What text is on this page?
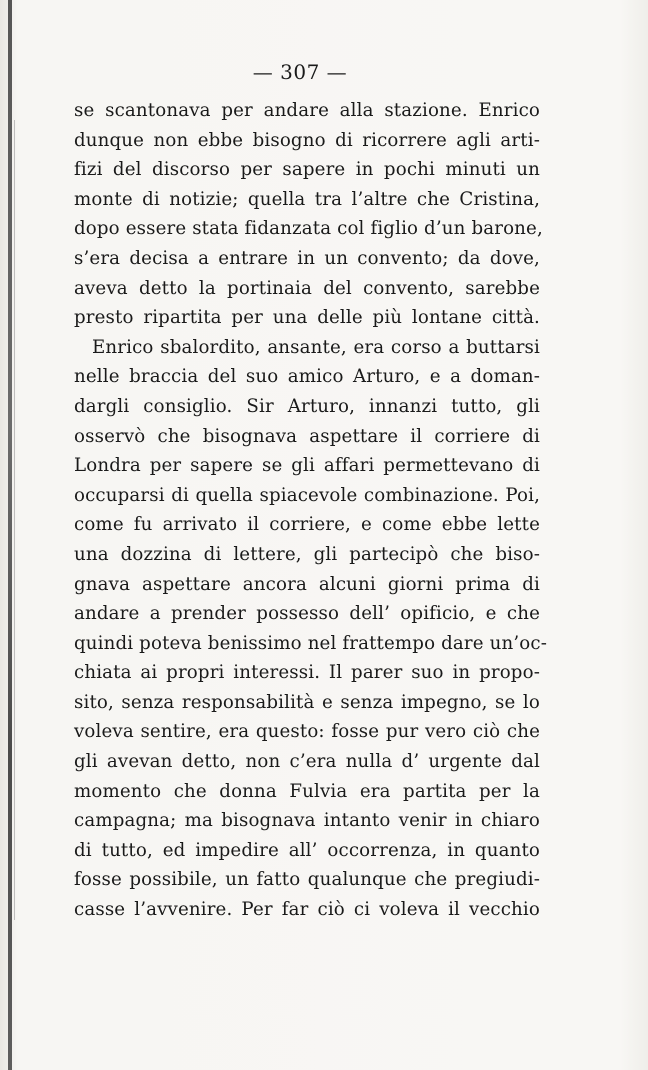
— 307 —
se scantonava per andare alla stazione. Enrico
dunque non ebbe bisogno di ricorrere agli arti-
fizi del discorso per sapere in pochi minuti un
monte di notizie; quella tra l’altre che Cristina,
dopo essere stata fidanzata col figlio d’un barone,
s’era decisa a entrare in un convento; da dove,
aveva detto la portinaia del convento, sarebbe
presto ripartita per una delle più lontane città.
Enrico sbalordito, ansante, era corso a buttarsi
nelle braccia del suo amico Arturo, e a doman-
dargli consiglio. Sir Arturo, innanzi tutto, gli
osservò che bisognava aspettare il corriere di
Londra per sapere se gli affari permettevano di
occuparsi di quella spiacevole combinazione. Poi,
come fu arrivato il corriere, e come ebbe lette
una dozzina di lettere, gli partecipò che biso-
gnava aspettare ancora alcuni giorni prima di
andare a prender possesso dell’ opificio, e che
quindi poteva benissimo nel frattempo dare un’oc-
chiata ai propri interessi. Il parer suo in propo-
sito, senza responsabilità e senza impegno, se lo
voleva sentire, era questo: fosse pur vero ciò che
gli avevan detto, non c’era nulla d’ urgente dal
momento che donna Fulvia era partita per la
campagna; ma bisognava intanto venir in chiaro
di tutto, ed impedire all’ occorrenza, in quanto
fosse possibile, un fatto qualunque che pregiudi-
casse l’avvenire. Per far ciò ci voleva il vecchio
